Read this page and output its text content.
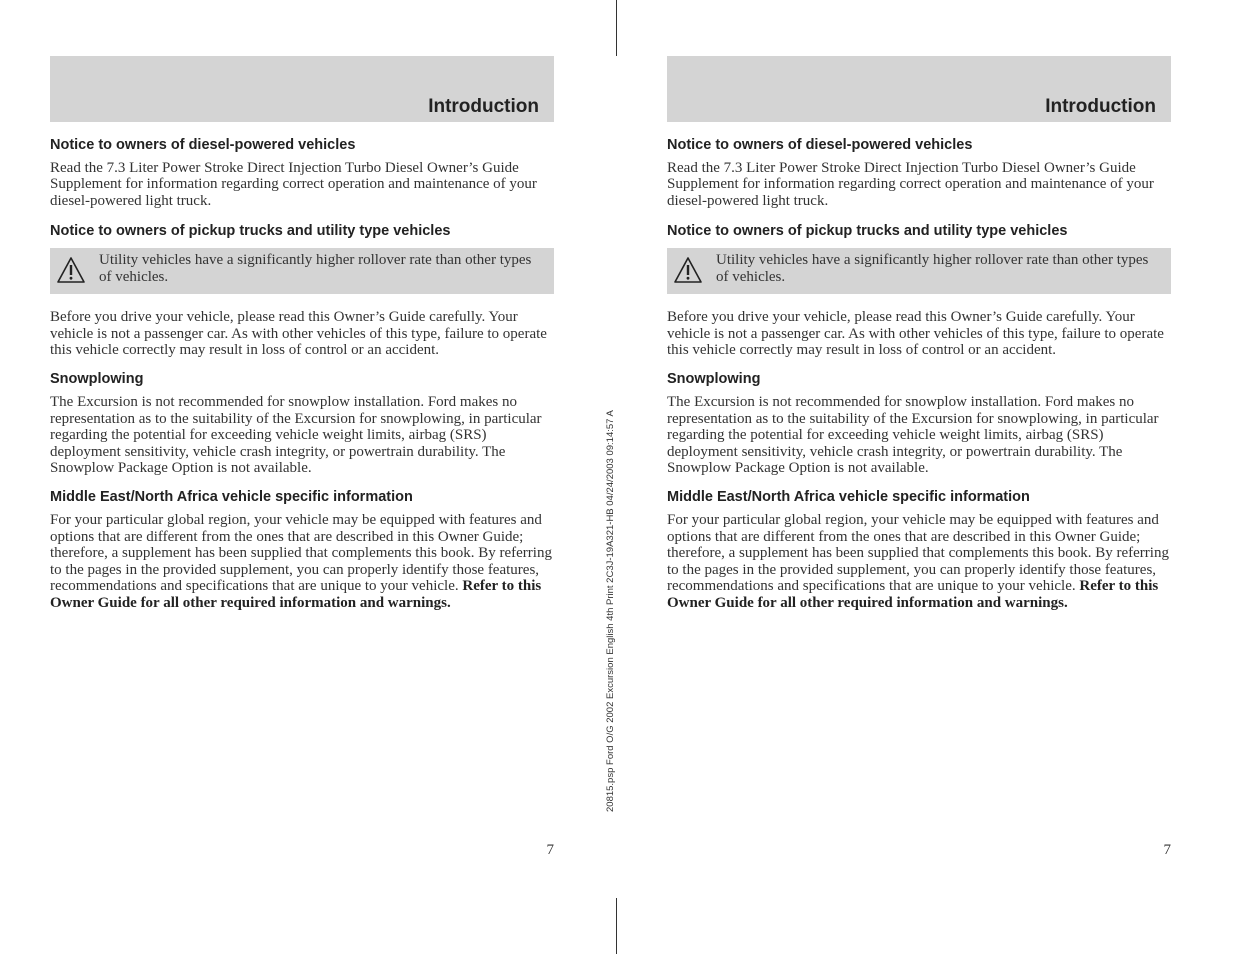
20815.psp Ford O/G 2002 Excursion English 4th Print 2C3J-19A321-HB 04/24/2003 09:14:57 A
Introduction
Notice to owners of diesel-powered vehicles

Read the 7.3 Liter Power Stroke Direct Injection Turbo Diesel Owner’s Guide Supplement for information regarding correct operation and maintenance of your diesel-powered light truck.

Notice to owners of pickup trucks and utility type vehicles
Utility vehicles have a significantly higher rollover rate than other types of vehicles.

Before you drive your vehicle, please read this Owner’s Guide carefully. Your vehicle is not a passenger car. As with other vehicles of this type, failure to operate this vehicle correctly may result in loss of control or an accident.

Snowplowing

The Excursion is not recommended for snowplow installation. Ford makes no representation as to the suitability of the Excursion for snowplowing, in particular regarding the potential for exceeding vehicle weight limits, airbag (SRS) deployment sensitivity, vehicle crash integrity, or powertrain durability. The Snowplow Package Option is not available.

Middle East/North Africa vehicle specific information

For your particular global region, your vehicle may be equipped with features and options that are different from the ones that are described in this Owner Guide; therefore, a supplement has been supplied that complements this book. By referring to the pages in the provided supplement, you can properly identify those features, recommendations and specifications that are unique to your vehicle. Refer to this Owner Guide for all other required information and warnings.

7
Introduction
Notice to owners of diesel-powered vehicles

Read the 7.3 Liter Power Stroke Direct Injection Turbo Diesel Owner’s Guide Supplement for information regarding correct operation and maintenance of your diesel-powered light truck.

Notice to owners of pickup trucks and utility type vehicles
Utility vehicles have a significantly higher rollover rate than other types of vehicles.

Before you drive your vehicle, please read this Owner’s Guide carefully. Your vehicle is not a passenger car. As with other vehicles of this type, failure to operate this vehicle correctly may result in loss of control or an accident.

Snowplowing

The Excursion is not recommended for snowplow installation. Ford makes no representation as to the suitability of the Excursion for snowplowing, in particular regarding the potential for exceeding vehicle weight limits, airbag (SRS) deployment sensitivity, vehicle crash integrity, or powertrain durability. The Snowplow Package Option is not available.

Middle East/North Africa vehicle specific information

For your particular global region, your vehicle may be equipped with features and options that are different from the ones that are described in this Owner Guide; therefore, a supplement has been supplied that complements this book. By referring to the pages in the provided supplement, you can properly identify those features, recommendations and specifications that are unique to your vehicle. Refer to this Owner Guide for all other required information and warnings.

7
